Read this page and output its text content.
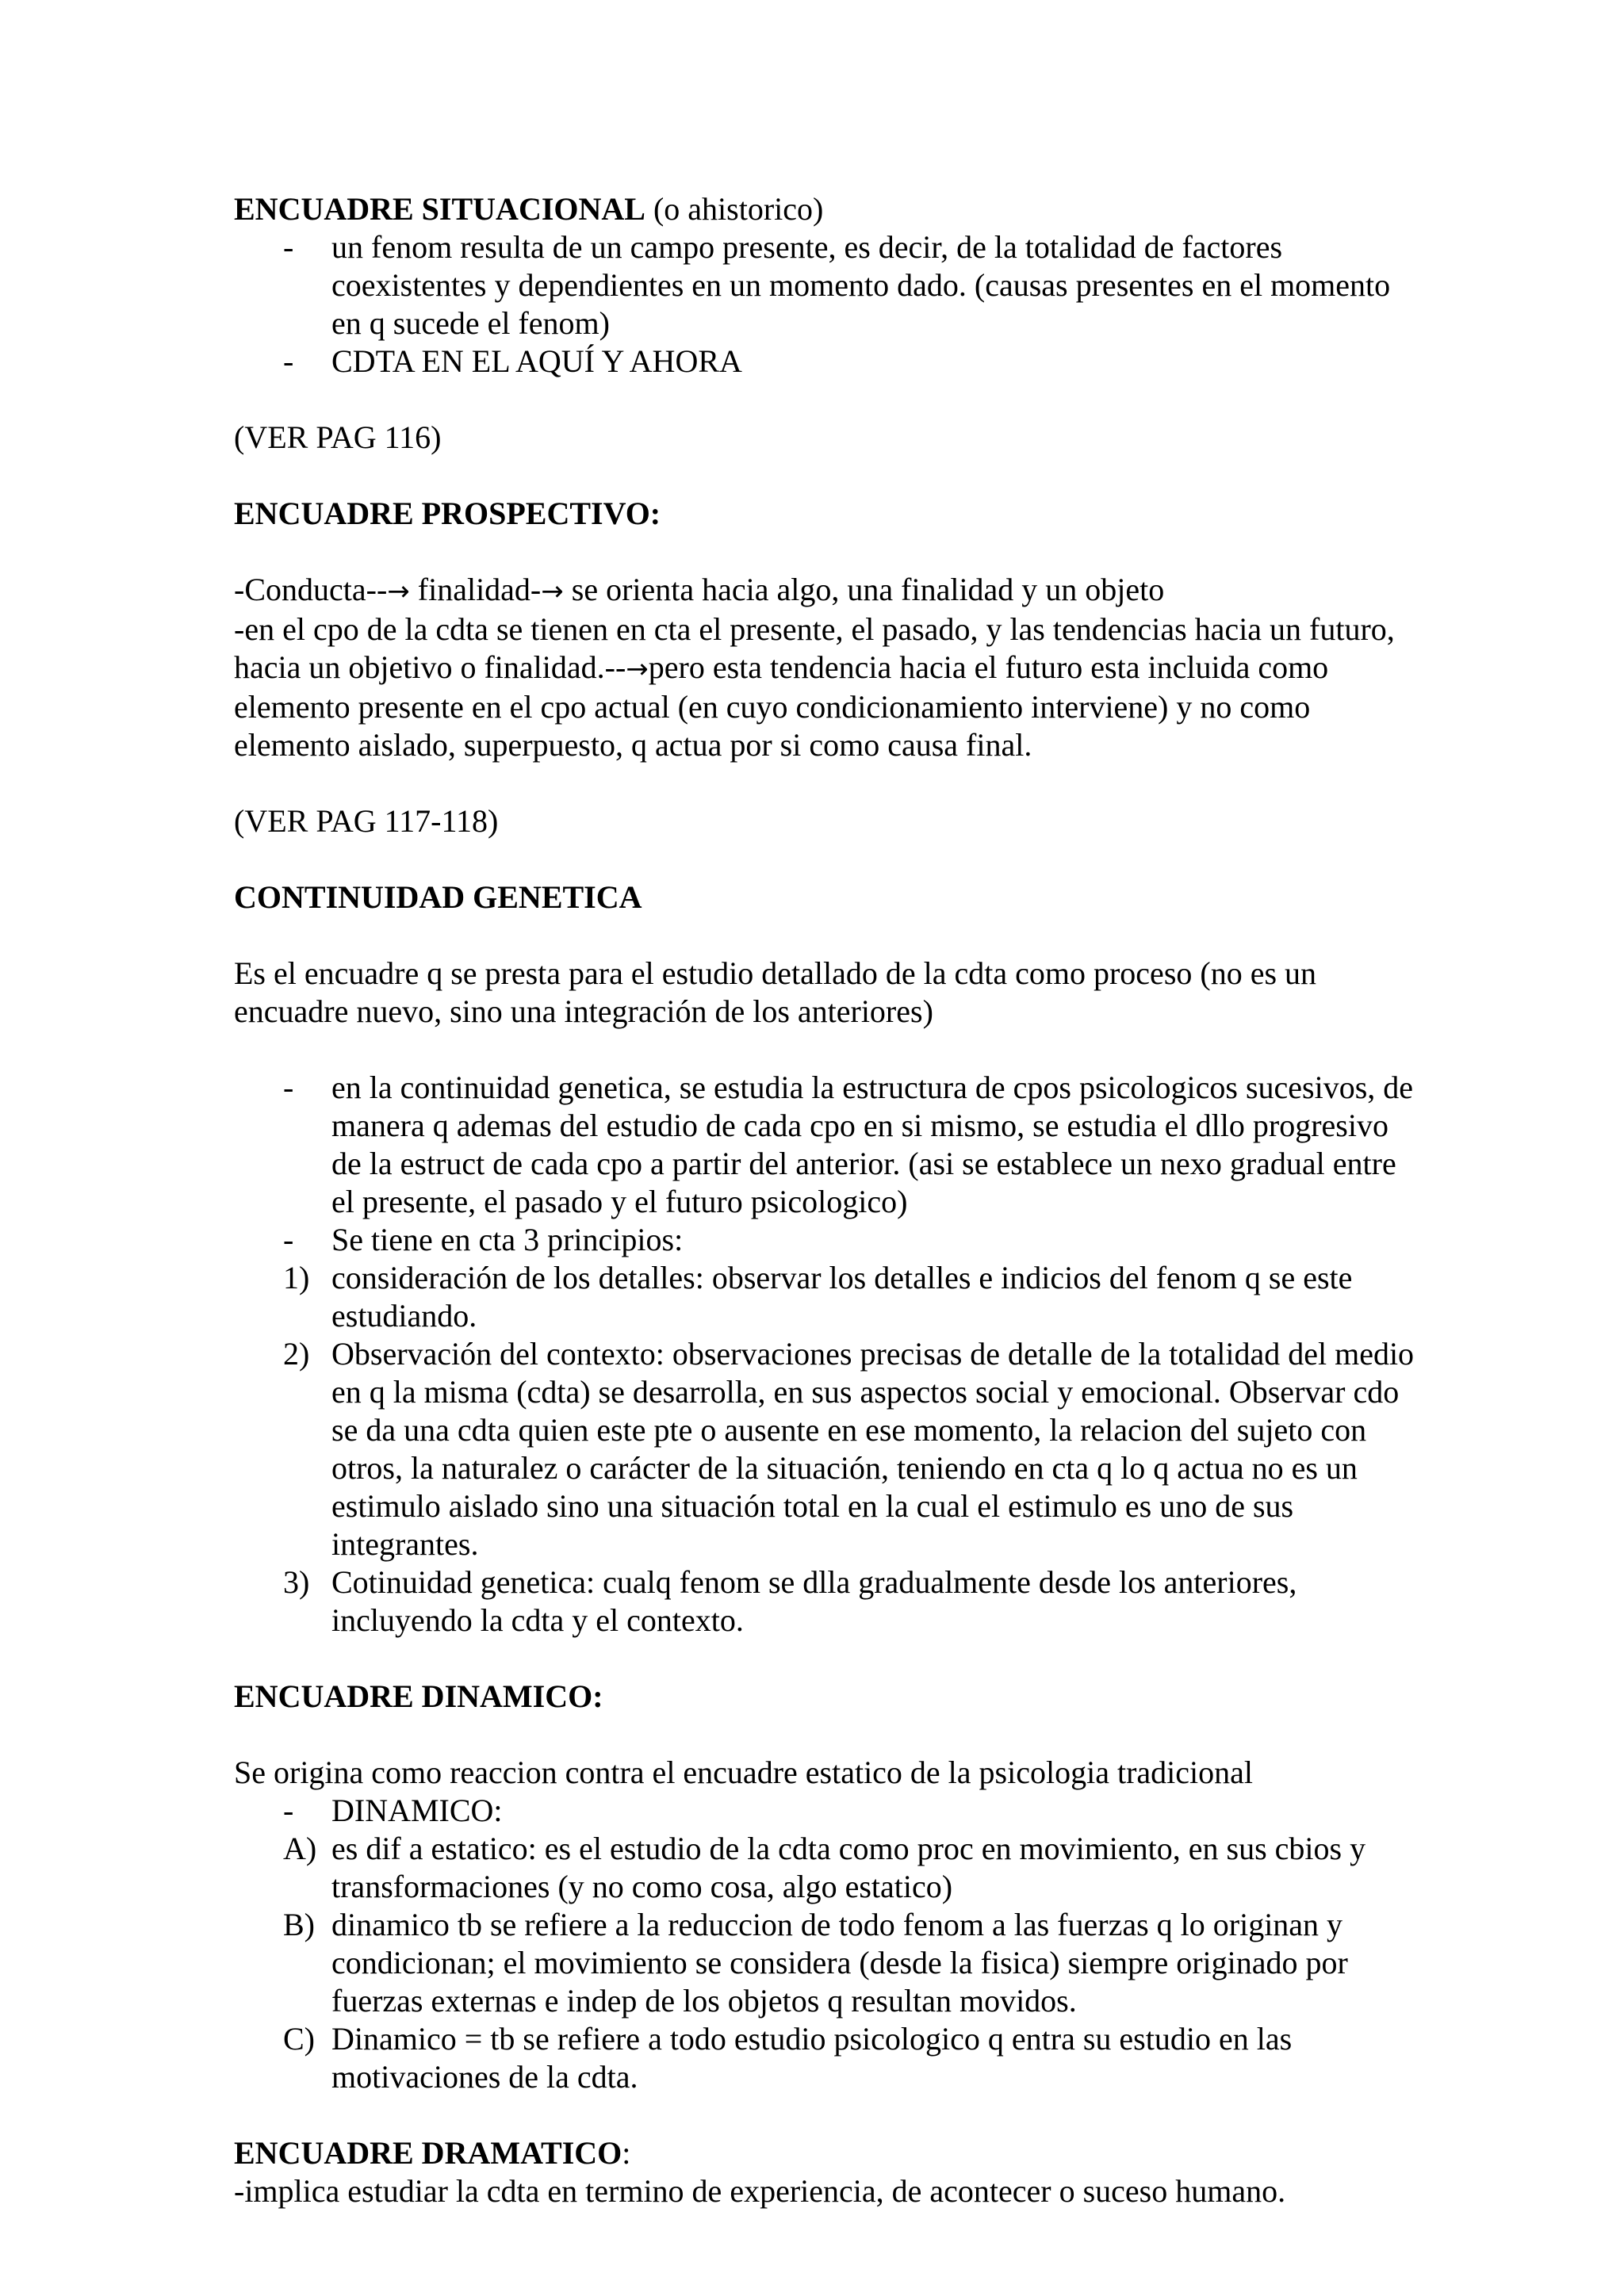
ENCUADRE SITUACIONAL (o ahistorico)

- un fenom resulta de un campo presente, es decir, de la totalidad de factores coexistentes y dependientes en un momento dado. (causas presentes en el momento en q sucede el fenom)
- CDTA EN EL AQUÍ Y AHORA

(VER PAG 116)

ENCUADRE PROSPECTIVO:

-Conducta--→ finalidad-→ se orienta hacia algo, una finalidad y un objeto

-en el cpo de la cdta se tienen en cta el presente, el pasado, y las tendencias hacia un futuro, hacia un objetivo o finalidad.--→pero esta tendencia hacia el futuro esta incluida como elemento presente en el cpo actual (en cuyo condicionamiento interviene) y no como elemento aislado, superpuesto, q actua por si como causa final.

(VER PAG 117-118)

CONTINUIDAD GENETICA

Es el encuadre q se presta para el estudio detallado de la cdta como proceso (no es un encuadre nuevo, sino una integración de los anteriores)

- en la continuidad genetica, se estudia la estructura de cpos psicologicos sucesivos, de manera q ademas del estudio de cada cpo en si mismo, se estudia el dllo progresivo de la estruct de cada cpo a partir del anterior. (asi se establece un nexo gradual entre el presente, el pasado y el futuro psicologico)
- Se tiene en cta 3 principios:
1) consideración de los detalles: observar los detalles e indicios del fenom q se este estudiando.
2) Observación del contexto: observaciones precisas de detalle de la totalidad del medio en q la misma (cdta) se desarrolla, en sus aspectos social y emocional. Observar cdo se da una cdta quien este pte o ausente en ese momento, la relacion del sujeto con otros, la naturalez o carácter de la situación, teniendo en cta q lo q actua no es un estimulo aislado sino una situación total en la cual el estimulo es uno de sus integrantes.
3) Cotinuidad genetica: cualq fenom se dlla gradualmente desde los anteriores, incluyendo la cdta y el contexto.

ENCUADRE DINAMICO:

Se origina como reaccion contra el encuadre estatico de la psicologia tradicional

- DINAMICO:
A) es dif a estatico: es el estudio de la cdta como proc en movimiento, en sus cbios y transformaciones (y no como cosa, algo estatico)
B) dinamico tb se refiere a la reduccion de todo fenom a las fuerzas q lo originan y condicionan; el movimiento se considera (desde la fisica) siempre originado por fuerzas externas e indep de los objetos q resultan movidos.
C) Dinamico = tb se refiere a todo estudio psicologico q entra su estudio en las motivaciones de la cdta.

ENCUADRE DRAMATICO:

-implica estudiar la cdta en termino de experiencia, de acontecer o suceso humano.
